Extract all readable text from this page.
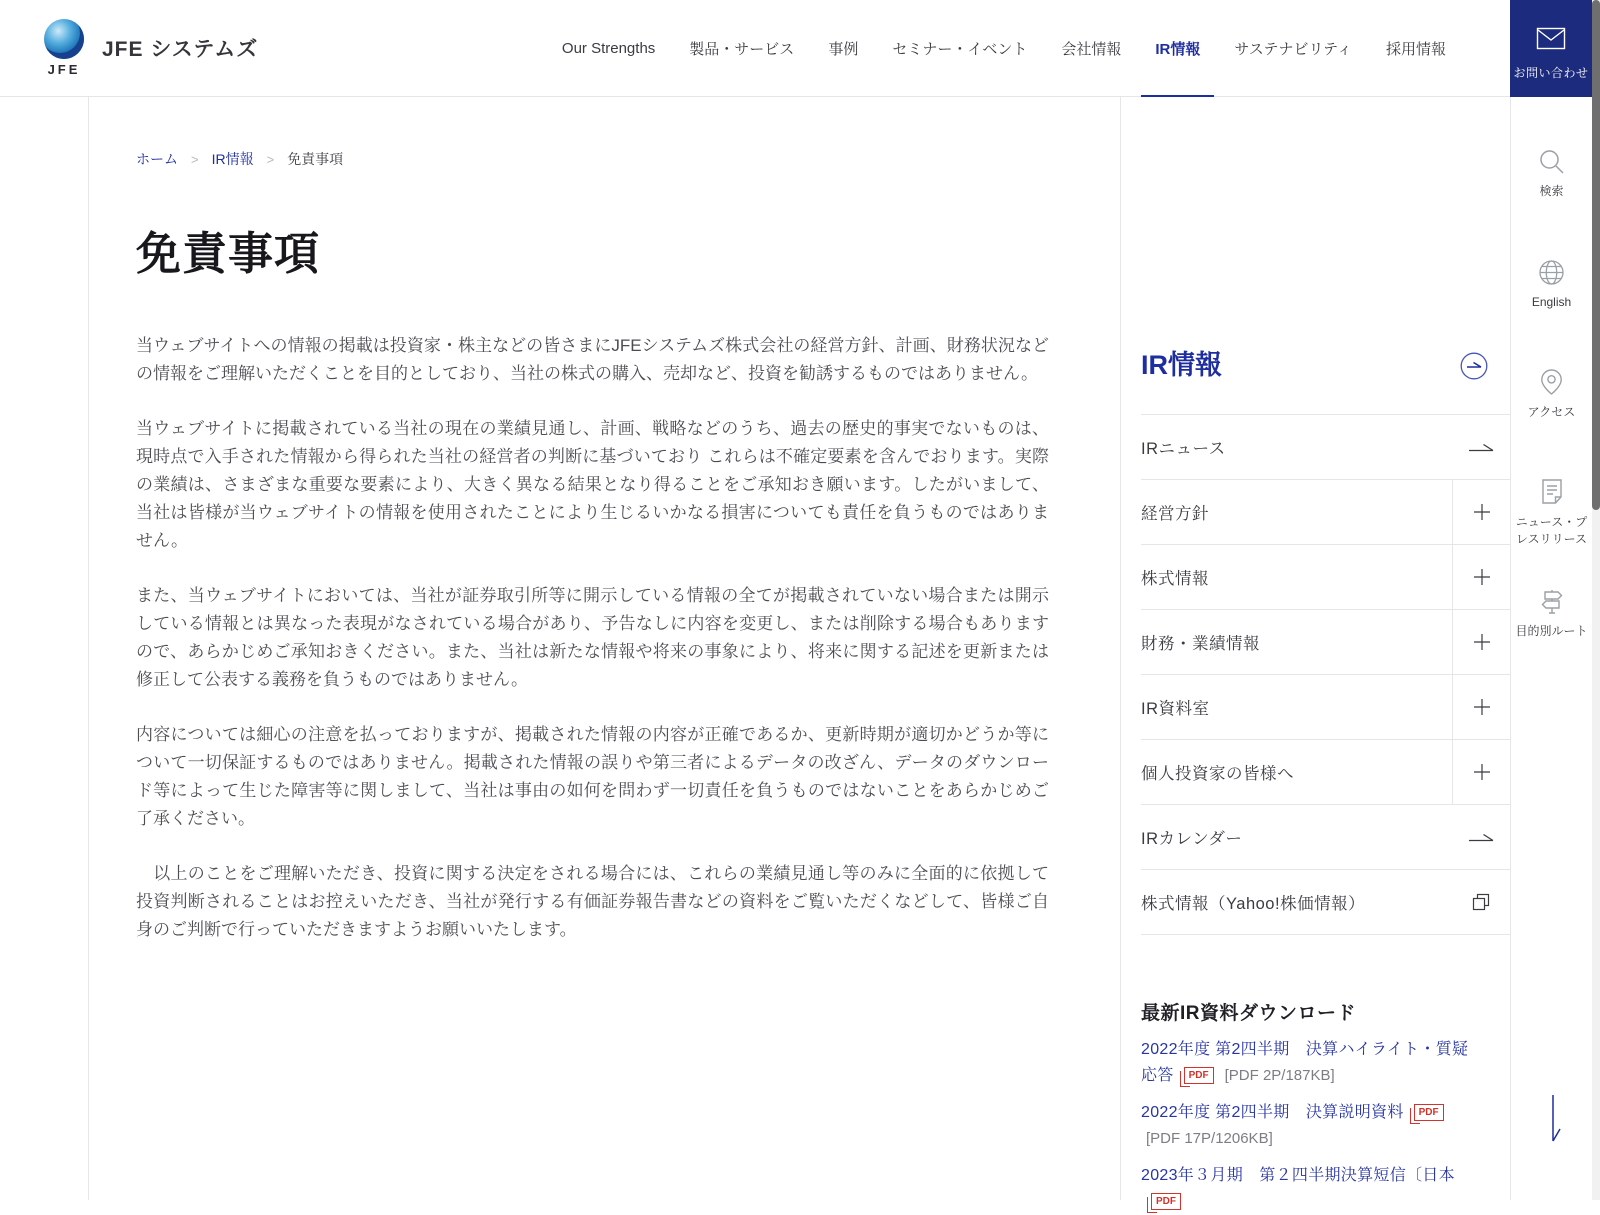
JFE
JFE システムズ	Our Strengths	製品・サービス	事例	セミナー・イベント	会社情報	IR情報	サステナビリティ	採用情報
お問い合わせ
ホーム > IR情報 > 免責事項
免責事項

当ウェブサイトへの情報の掲載は投資家・株主などの皆さまにJFEシステムズ株式会社の経営方針、計画、財務状況などの情報をご理解いただくことを目的としており、当社の株式の購入、売却など、投資を勧誘するものではありません。

当ウェブサイトに掲載されている当社の現在の業績見通し、計画、戦略などのうち、過去の歴史的事実でないものは、現時点で入手された情報から得られた当社の経営者の判断に基づいており これらは不確定要素を含んでおります。実際の業績は、さまざまな重要な要素により、大きく異なる結果となり得ることをご承知おき願います。したがいまして、当社は皆様が当ウェブサイトの情報を使用されたことにより生じるいかなる損害についても責任を負うものではありません。

また、当ウェブサイトにおいては、当社が証券取引所等に開示している情報の全てが掲載されていない場合または開示している情報とは異なった表現がなされている場合があり、予告なしに内容を変更し、または削除する場合もありますので、あらかじめご承知おきください。また、当社は新たな情報や将来の事象により、将来に関する記述を更新または修正して公表する義務を負うものではありません。

内容については細心の注意を払っておりますが、掲載された情報の内容が正確であるか、更新時期が適切かどうか等について一切保証するものではありません。掲載された情報の誤りや第三者によるデータの改ざん、データのダウンロード等によって生じた障害等に関しまして、当社は事由の如何を問わず一切責任を負うものではないことをあらかじめご了承ください。

　以上のことをご理解いただき、投資に関する決定をされる場合には、これらの業績見通し等のみに全面的に依拠して投資判断されることはお控えいただき、当社が発行する有価証券報告書などの資料をご覧いただくなどして、皆様ご自身のご判断で行っていただきますようお願いいたします。

IR情報
IRニュース
経営方針
株式情報
財務・業績情報
IR資料室
個人投資家の皆様へ
IRカレンダー
株式情報（Yahoo!株価情報）
最新IR資料ダウンロード
2022年度 第2四半期　決算ハイライト・質疑応答 PDF [PDF 2P/187KB]
2022年度 第2四半期　決算説明資料 PDF[PDF 17P/1206KB]
2023年３月期　第２四半期決算短信〔日本PDF
検索
English
アクセス
ニュース・プレスリリース
目的別ルート
